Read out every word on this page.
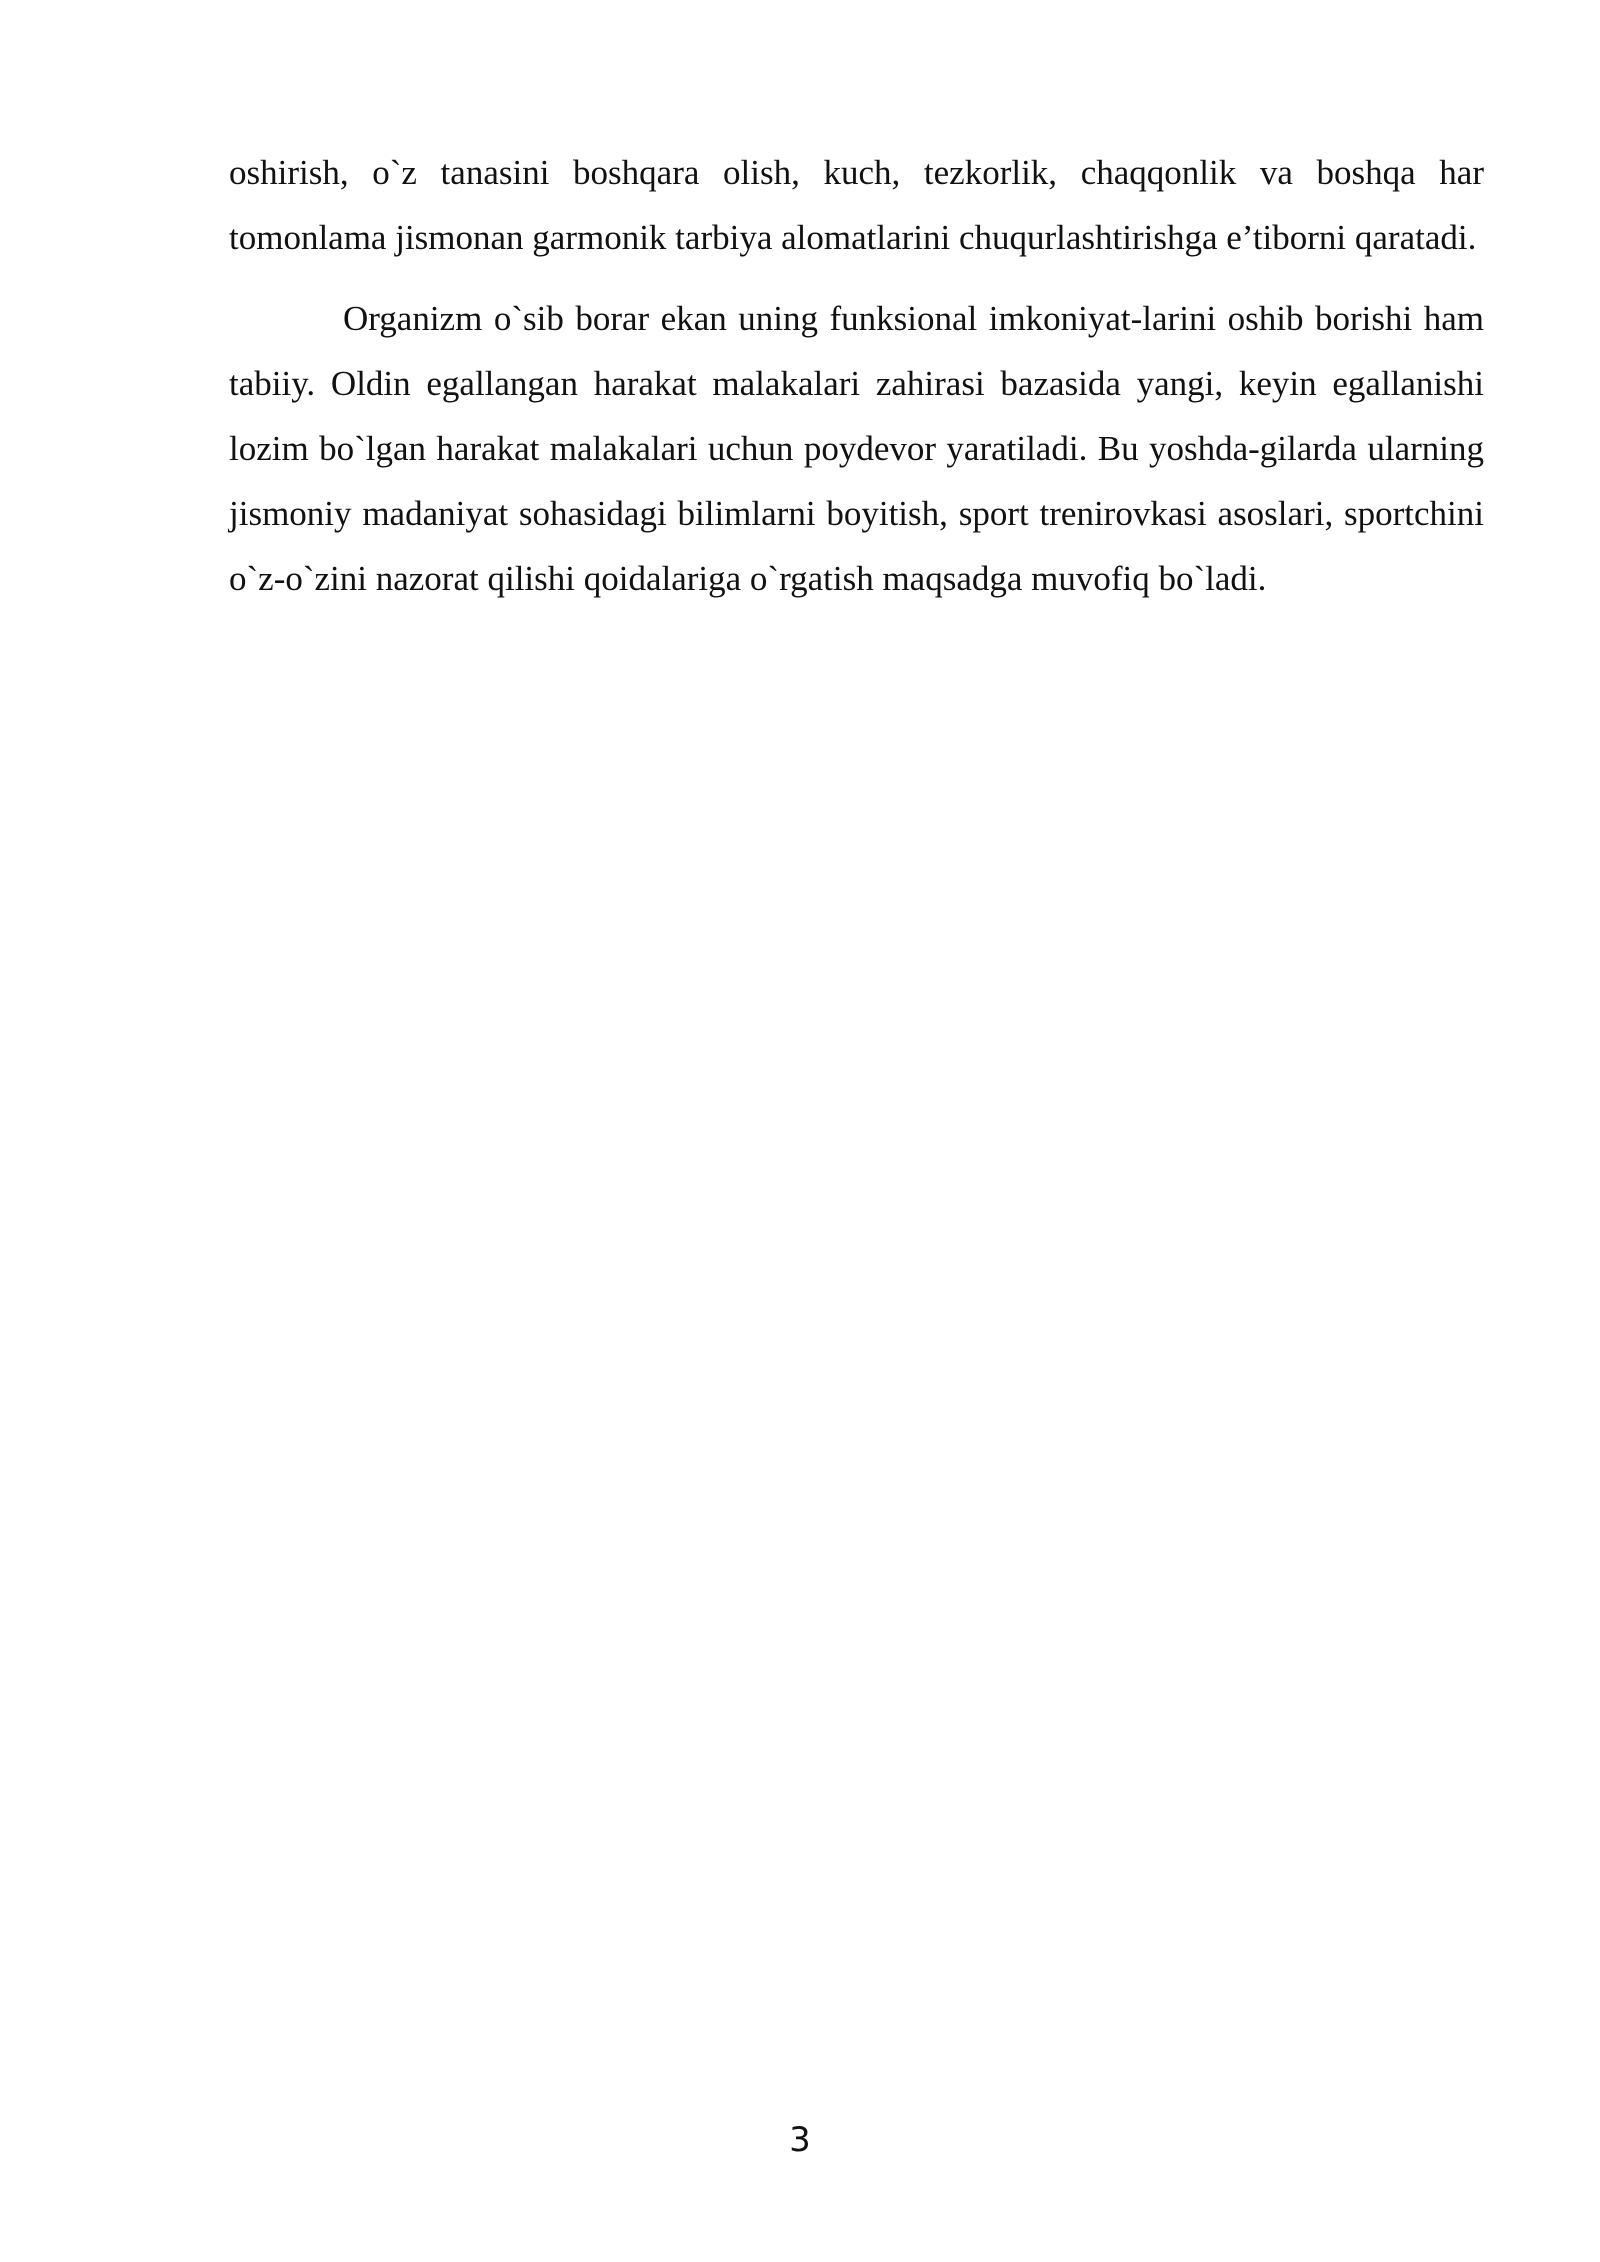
oshirish, o`z tanasini boshqara olish, kuch, tezkorlik, chaqqonlik va boshqa har tomonlama jismonan garmonik tarbiya alomatlarini chuqurlashtirishga e’tiborni qaratadi.

Organizm o`sib borar ekan uning funksional imkoniyat-larini oshib borishi ham tabiiy. Oldin egallangan harakat malakalari zahirasi bazasida yangi, keyin egallanishi lozim bo`lgan harakat malakalari uchun poydevor yaratiladi. Bu yoshda-gilarda ularning jismoniy madaniyat sohasidagi bilimlarni boyitish, sport trenirovkasi asoslari, sportchini o`z-o`zini nazorat qilishi qoidalariga o`rgatish maqsadga muvofiq bo`ladi.

3
